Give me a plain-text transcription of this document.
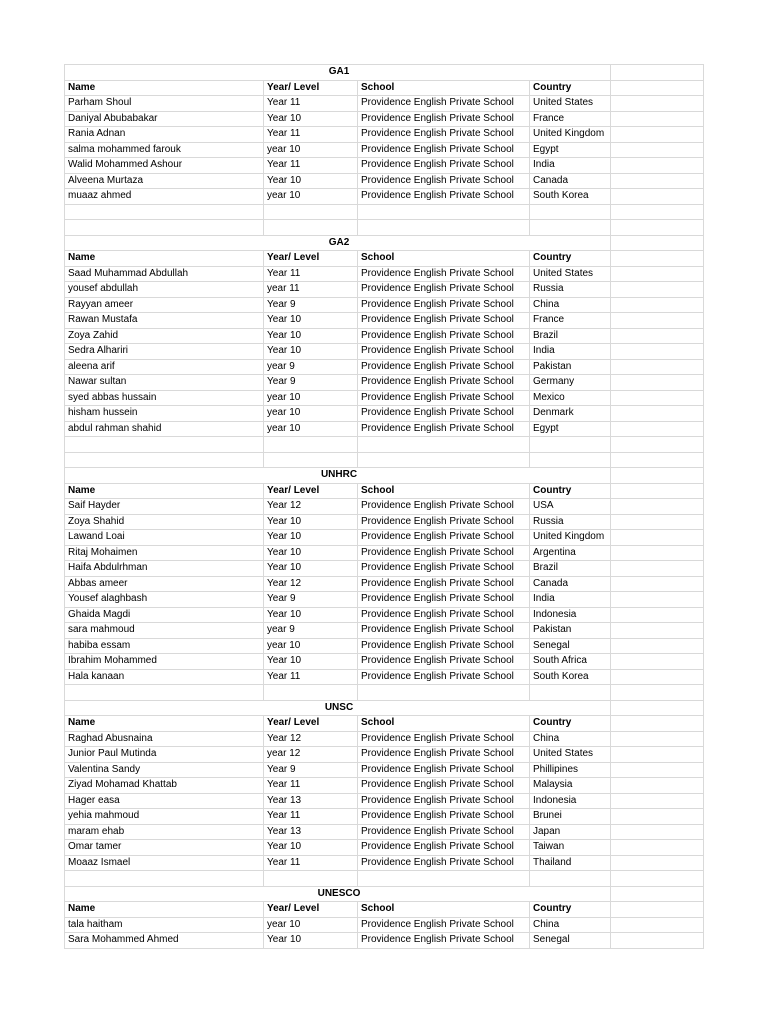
GA1				
Name	Year/ Level	School	Country	
Parham Shoul	Year 11	Providence English Private School	United States	
Daniyal Abubabakar	Year 10	Providence English Private School	France	
Rania Adnan	Year 11	Providence English Private School	United Kingdom	
salma mohammed farouk	year 10	Providence English Private School	Egypt	
Walid Mohammed Ashour	Year 11	Providence English Private School	India	
Alveena Murtaza	Year 10	Providence English Private School	Canada	
muaaz ahmed	year 10	Providence English Private School	South Korea	

GA2				
Name	Year/ Level	School	Country	
Saad Muhammad Abdullah	Year 11	Providence English Private School	United States	
yousef abdullah	year 11	Providence English Private School	Russia	
Rayyan ameer	Year 9	Providence English Private School	China	
Rawan Mustafa	Year 10	Providence English Private School	France	
Zoya Zahid	Year 10	Providence English Private School	Brazil	
Sedra Alhariri	Year 10	Providence English Private School	India	
aleena arif	year 9	Providence English Private School	Pakistan	
Nawar sultan	Year 9	Providence English Private School	Germany	
syed abbas hussain	year 10	Providence English Private School	Mexico	
hisham hussein	year 10	Providence English Private School	Denmark	
abdul rahman shahid	year 10	Providence English Private School	Egypt	

UNHRC				
Name	Year/ Level	School	Country	
Saif Hayder	Year 12	Providence English Private School	USA	
Zoya Shahid	Year 10	Providence English Private School	Russia	
Lawand Loai	Year 10	Providence English Private School	United Kingdom	
Ritaj Mohaimen	Year 10	Providence English Private School	Argentina	
Haifa Abdulrhman	Year 10	Providence English Private School	Brazil	
Abbas ameer	Year 12	Providence English Private School	Canada	
Yousef alaghbash	Year 9	Providence English Private School	India	
Ghaida Magdi	Year 10	Providence English Private School	Indonesia	
sara mahmoud	year 9	Providence English Private School	Pakistan	
habiba essam	year 10	Providence English Private School	Senegal	
Ibrahim Mohammed	Year 10	Providence English Private School	South Africa	
Hala kanaan	Year 11	Providence English Private School	South Korea	

UNSC				
Name	Year/ Level	School	Country	
Raghad Abusnaina	Year 12	Providence English Private School	China	
Junior Paul Mutinda	year 12	Providence English Private School	United States	
Valentina Sandy	Year 9	Providence English Private School	Phillipines	
Ziyad Mohamad Khattab	Year 11	Providence English Private School	Malaysia	
Hager easa	Year 13	Providence English Private School	Indonesia	
yehia mahmoud	Year 11	Providence English Private School	Brunei	
maram ehab	Year 13	Providence English Private School	Japan	
Omar tamer	Year 10	Providence English Private School	Taiwan	
Moaaz Ismael	Year 11	Providence English Private School	Thailand	

UNESCO				
Name	Year/ Level	School	Country	
tala haitham	year 10	Providence English Private School	China	
Sara Mohammed Ahmed	Year 10	Providence English Private School	Senegal	
